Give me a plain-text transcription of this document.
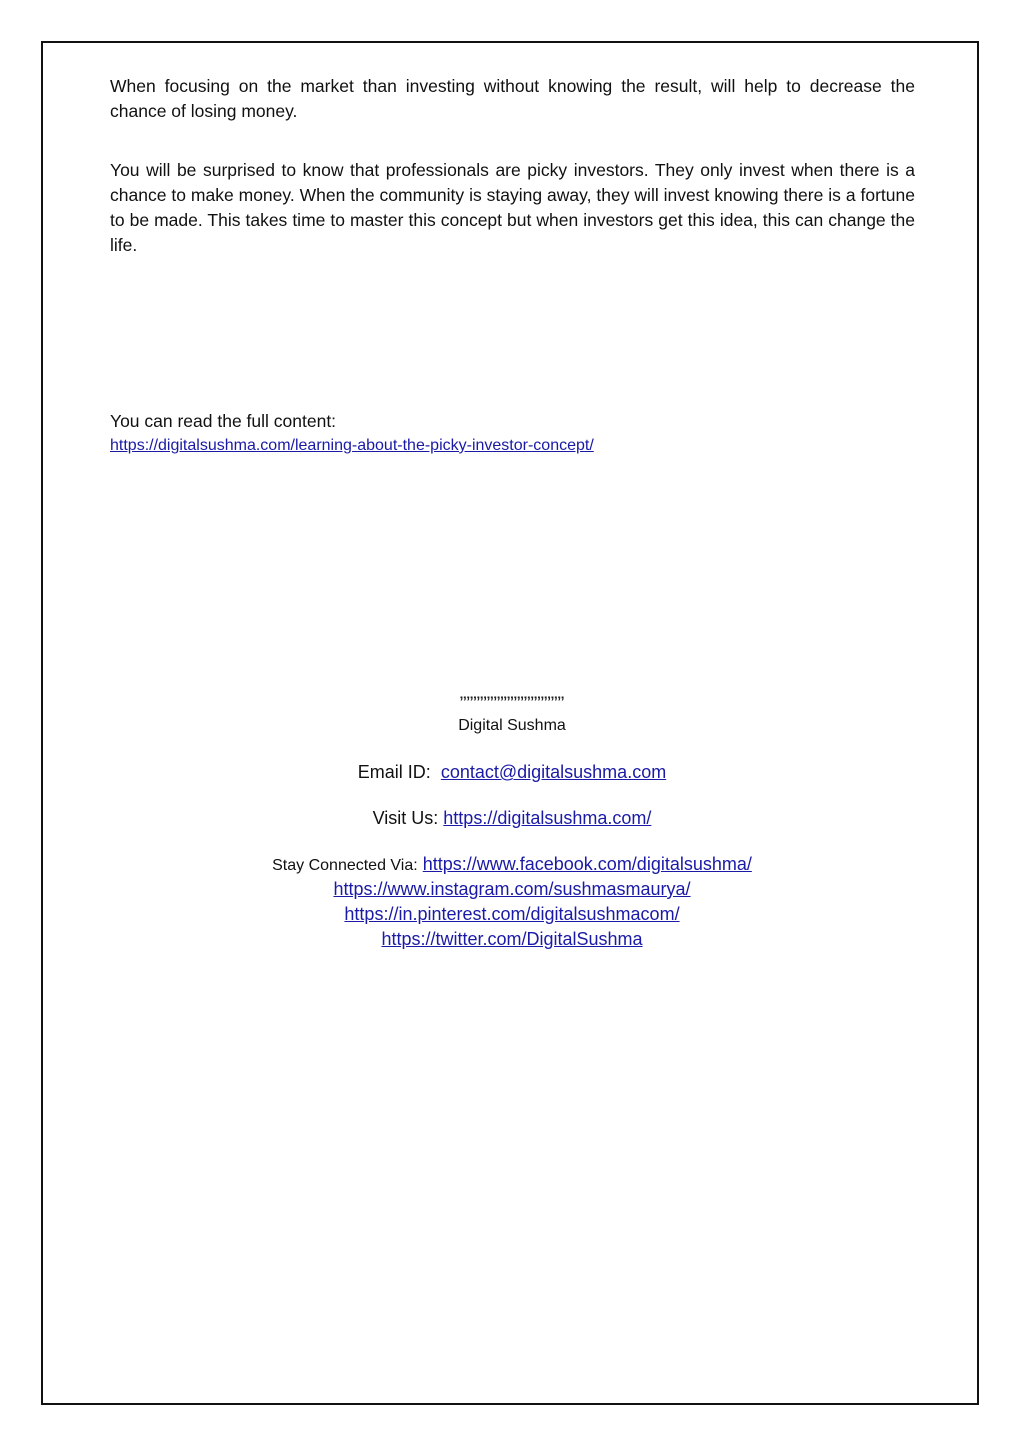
When focusing on the market than investing without knowing the result, will help to decrease the chance of losing money.

You will be surprised to know that professionals are picky investors. They only invest when there is a chance to make money. When the community is staying away, they will invest knowing there is a fortune to be made. This takes time to master this concept but when investors get this idea, this can change the life.

You can read the full content:
https://digitalsushma.com/learning-about-the-picky-investor-concept/
’’’’’’’’’’’’’’’’’’’’’’’’’’’’’’’
Digital Sushma
Email ID: contact@digitalsushma.com
Visit Us: https://digitalsushma.com/
Stay Connected Via: https://www.facebook.com/digitalsushma/
https://www.instagram.com/sushmasmaurya/
https://in.pinterest.com/digitalsushmacom/
https://twitter.com/DigitalSushma
